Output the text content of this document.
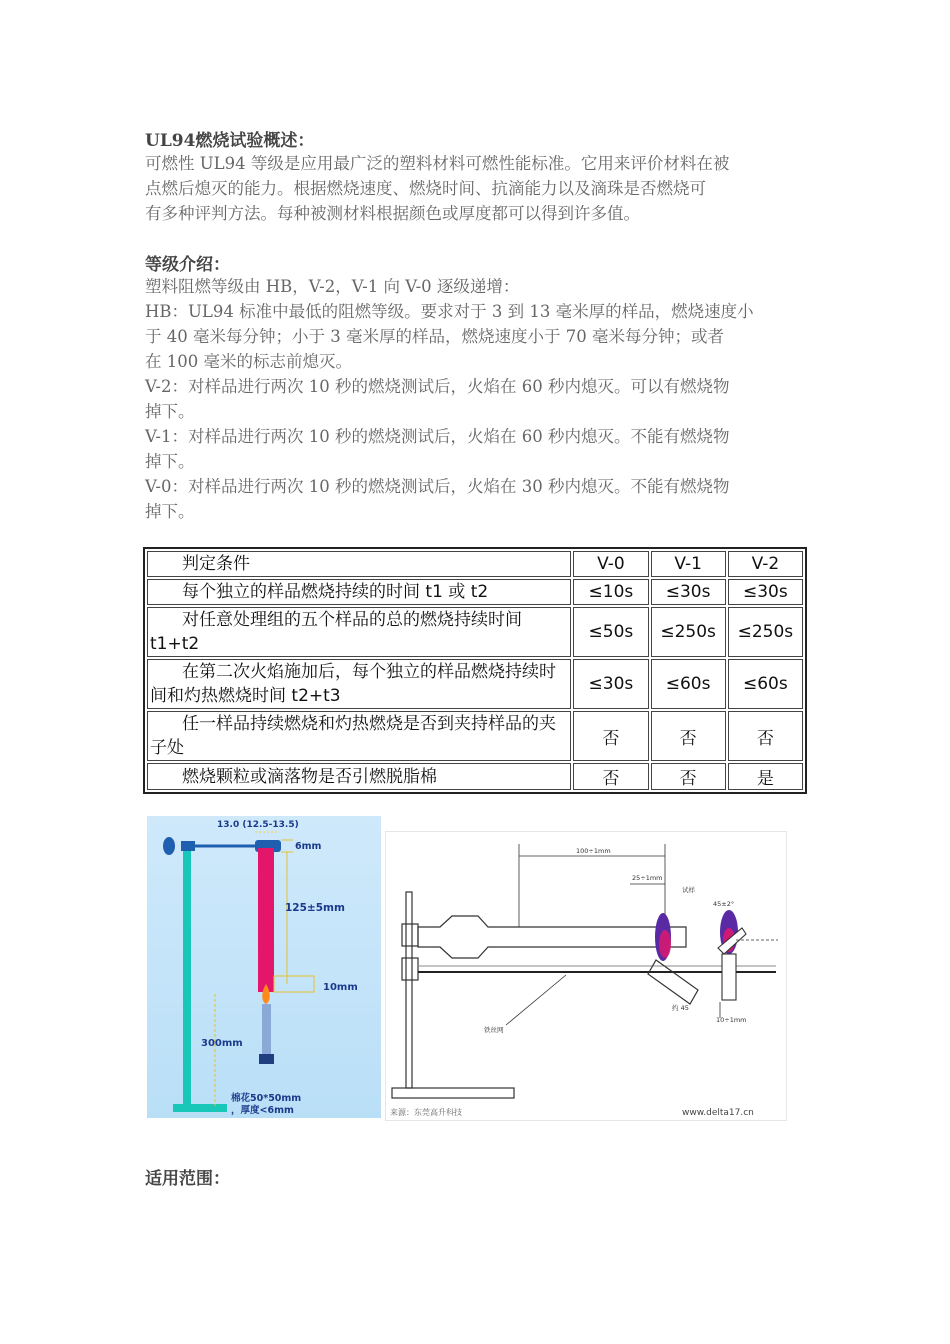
UL94燃烧试验概述：

可燃性 UL94 等级是应用最广泛的塑料材料可燃性能标准。它用来评价材料在被

点燃后熄灭的能力。根据燃烧速度、燃烧时间、抗滴能力以及滴珠是否燃烧可

有多种评判方法。每种被测材料根据颜色或厚度都可以得到许多值。

等级介绍：

塑料阻燃等级由 HB，V-2，V-1 向 V-0 逐级递增：

HB：UL94 标准中最低的阻燃等级。要求对于 3 到 13 毫米厚的样品，燃烧速度小

于 40 毫米每分钟；小于 3 毫米厚的样品，燃烧速度小于 70 毫米每分钟；或者

在 100 毫米的标志前熄灭。

V-2：对样品进行两次 10 秒的燃烧测试后，火焰在 60 秒内熄灭。可以有燃烧物

掉下。

V-1：对样品进行两次 10 秒的燃烧测试后，火焰在 60 秒内熄灭。不能有燃烧物

掉下。

V-0：对样品进行两次 10 秒的燃烧测试后，火焰在 30 秒内熄灭。不能有燃烧物

掉下。

判定条件	V-0	V-1	V-2
每个独立的样品燃烧持续的时间 t1 或 t2	≤10s	≤30s	≤30s
对任意处理组的五个样品的总的燃烧持续时间 t1+t2	≤50s	≤250s	≤250s
在第二次火焰施加后，每个独立的样品燃烧持续时间和灼热燃烧时间 t2+t3	≤30s	≤60s	≤60s
任一样品持续燃烧和灼热燃烧是否到夹持样品的夹子处	否	否	否
燃烧颗粒或滴落物是否引燃脱脂棉	否	否	是
13.0 (12.5-13.5)
6mm
125±5mm
10mm
300mm
棉花50*50mm
，厚度<6mm
100÷1mm
25÷1mm
试样
约 45
45±2°
10÷1mm
铁丝网
来源：东莞高升科技	www.delta17.cn
适用范围：
